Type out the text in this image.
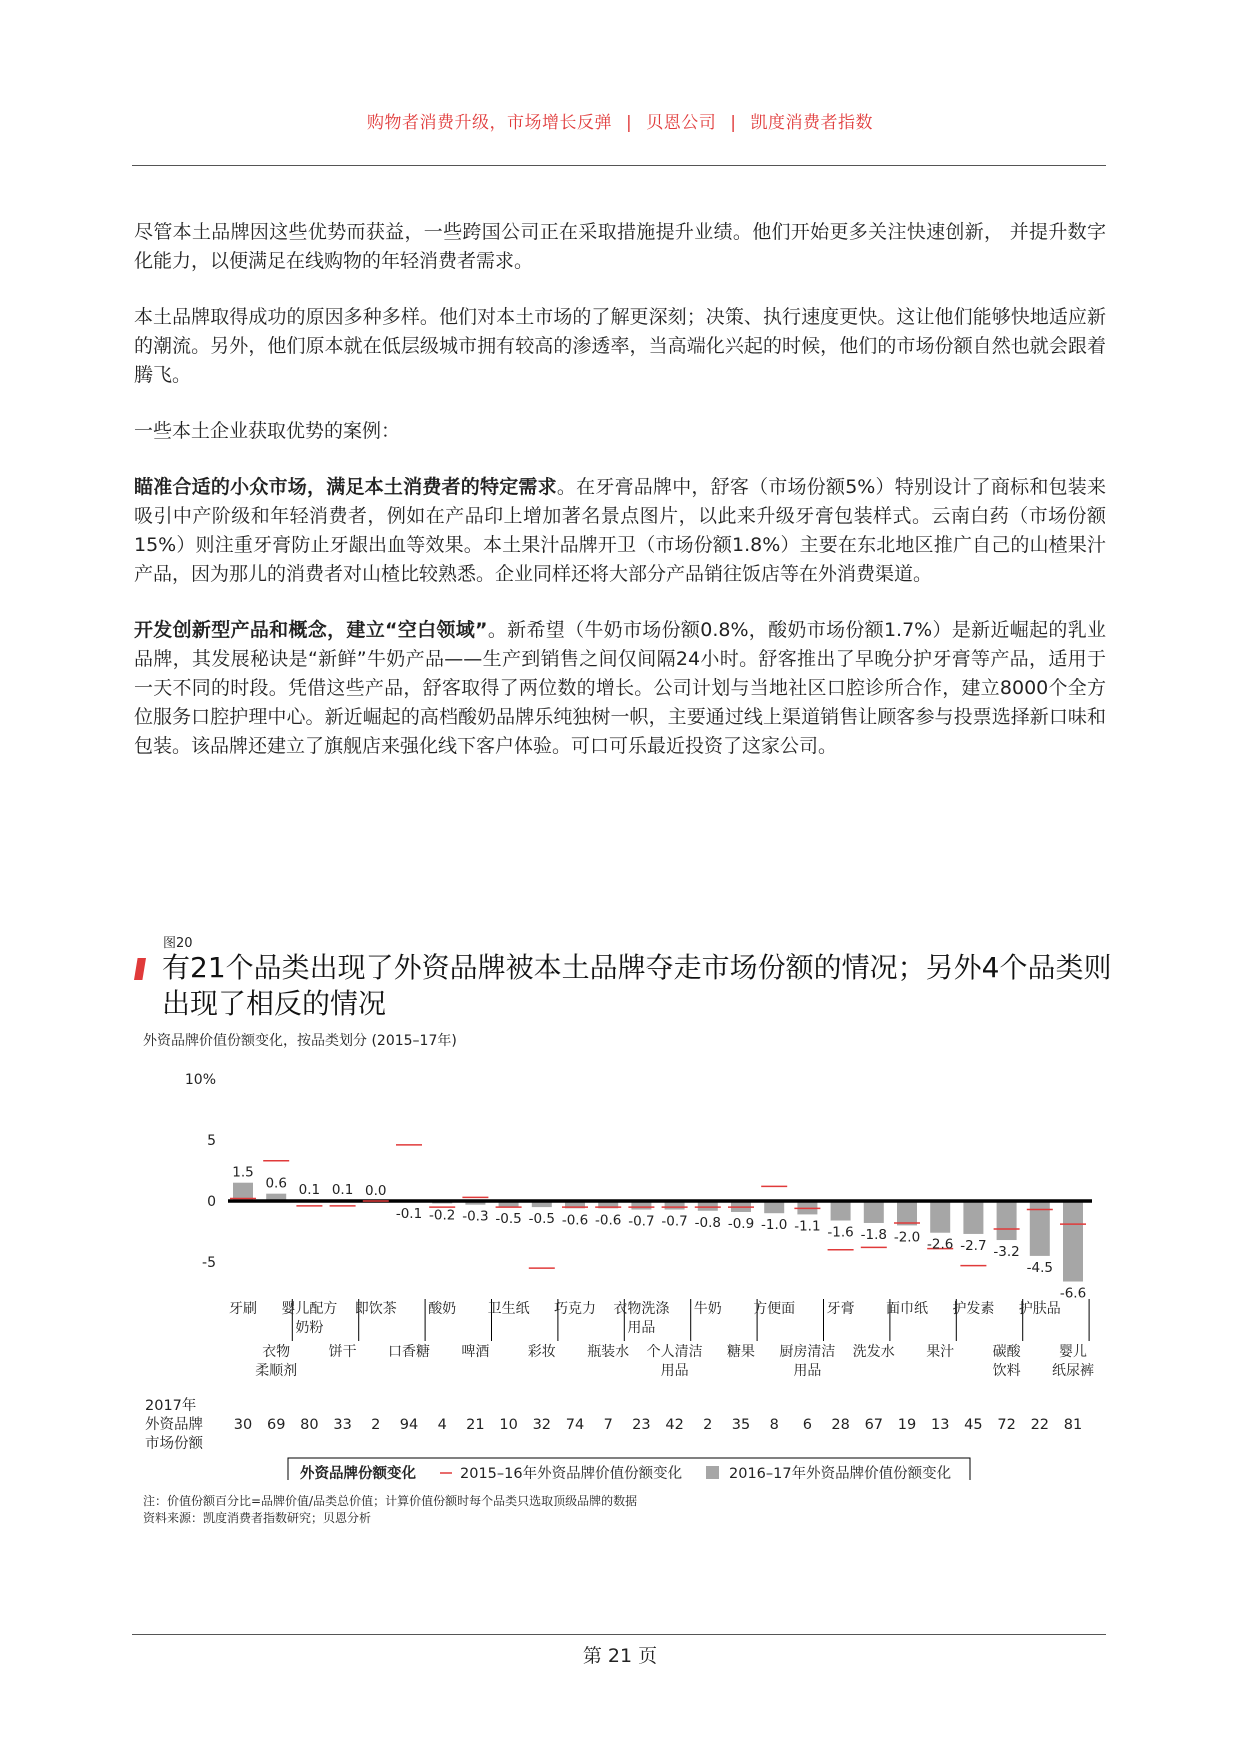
购物者消费升级，市场增长反弹 | 贝恩公司 | 凯度消费者指数

尽管本土品牌因这些优势而获益，一些跨国公司正在采取措施提升业绩。他们开始更多关注快速创新， 并提升数字化能力，以便满足在线购物的年轻消费者需求。

本土品牌取得成功的原因多种多样。他们对本土市场的了解更深刻；决策、执行速度更快。这让他们能够快地适应新的潮流。另外，他们原本就在低层级城市拥有较高的渗透率，当高端化兴起的时候，他们的市场份额自然也就会跟着腾飞。

一些本土企业获取优势的案例：

瞄准合适的小众市场，满足本土消费者的特定需求。在牙膏品牌中，舒客（市场份额5%）特别设计了商标和包装来吸引中产阶级和年轻消费者，例如在产品印上增加著名景点图片，以此来升级牙膏包装样式。云南白药（市场份额15%）则注重牙膏防止牙龈出血等效果。本土果汁品牌开卫（市场份额1.8%）主要在东北地区推广自己的山楂果汁产品，因为那儿的消费者对山楂比较熟悉。企业同样还将大部分产品销往饭店等在外消费渠道。

开发创新型产品和概念，建立“空白领域”。新希望（牛奶市场份额0.8%，酸奶市场份额1.7%）是新近崛起的乳业品牌，其发展秘诀是“新鲜”牛奶产品——生产到销售之间仅间隔24小时。舒客推出了早晚分护牙膏等产品，适用于一天不同的时段。凭借这些产品，舒客取得了两位数的增长。公司计划与当地社区口腔诊所合作，建立8000个全方位服务口腔护理中心。新近崛起的高档酸奶品牌乐纯独树一帜，主要通过线上渠道销售让顾客参与投票选择新口味和包装。该品牌还建立了旗舰店来强化线下客户体验。可口可乐最近投资了这家公司。

图20
有21个品类出现了外资品牌被本土品牌夺走市场份额的情况；另外4个品类则出现了相反的情况
外资品牌价值份额变化，按品类划分 (2015–17年)
10%
5
0
-5
1.5
0.6 0.1 0.1 0.0
-0.1 -0.2 -0.3 -0.5 -0.5 -0.6 -0.6 -0.7 -0.7 -0.8 -0.9 -1.0 -1.1 -1.6 -1.8 -2.0 -2.6 -2.7 -3.2
-4.5
-6.6
牙刷 婴儿配方
奶粉
即饮茶 酸奶 卫生纸 巧克力 衣物洗涤
用品
牛奶 方便面 牙膏 面巾纸 护发素 护肤品
衣物
柔顺剂
饼干 口香糖 啤酒	彩妆 瓶装水 个人清洁
用品
糖果 厨房清洁
用品
洗发水 果汁	碳酸
饮料
婴儿
纸尿裤
2017年
外资品牌
市场份额
30 69 80 33 2 94 4 21 10 32 74 7 23 42 2 35 8 6 28 67 19 13 45 72 22 81
外资品牌份额变化	2015–16年外资品牌价值份额变化	2016–17年外资品牌价值份额变化
注：价值份额百分比=品牌价值/品类总价值；计算价值份额时每个品类只选取顶级品牌的数据
资料来源：凯度消费者指数研究；贝恩分析
第 21 页
